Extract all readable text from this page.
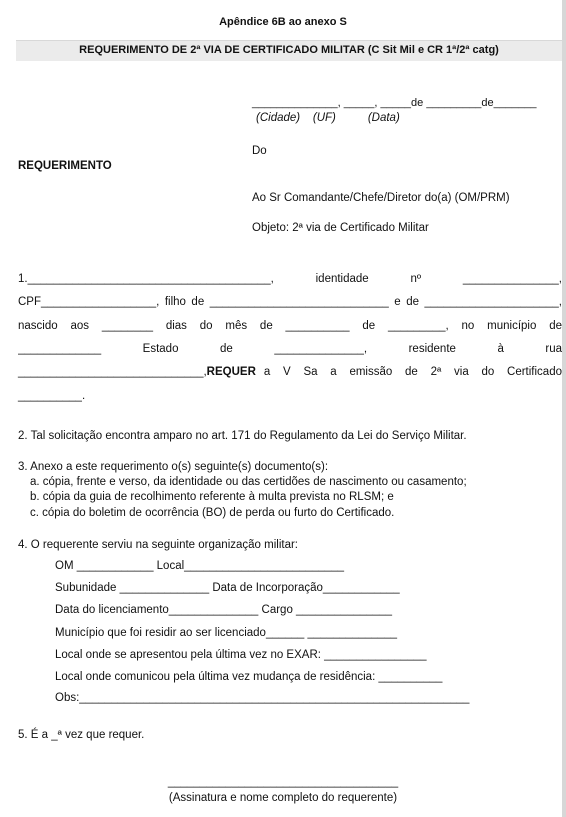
Apêndice 6B ao anexo S
REQUERIMENTO DE 2ª VIA DE CERTIFICADO MILITAR (C Sit Mil e CR 1ª/2ª catg)
______________, _____, _____de _________de_______
(Cidade)    (UF)          (Data)
Do
REQUERIMENTO
Ao Sr Comandante/Chefe/Diretor do(a) (OM/PRM)
Objeto: 2ª via de Certificado Militar
1.______________________________________, identidade nº _______________,
CPF__________________, filho de ____________________________ e de _____________________,
nascido aos ________ dias do mês de __________ de _________, no município de
_____________ Estado de ______________, residente à rua
_____________________________, REQUER a V Sa a emissão de 2ª via do Certificado
__________.
2. Tal solicitação encontra amparo no art. 171 do Regulamento da Lei do Serviço Militar.
3. Anexo a este requerimento o(s) seguinte(s) documento(s):
a. cópia, frente e verso, da identidade ou das certidões de nascimento ou casamento;
b. cópia da guia de recolhimento referente à multa prevista no RLSM; e
c. cópia do boletim de ocorrência (BO) de perda ou furto do Certificado.
4. O requerente serviu na seguinte organização militar:
OM ____________ Local_________________________
Subunidade ______________ Data de Incorporação____________
Data do licenciamento______________ Cargo _______________
Município que foi residir ao ser licenciado______ ______________
Local onde se apresentou pela última vez no EXAR: ________________
Local onde comunicou pela última vez mudança de residência: __________
Obs:_____________________________________________________________
5. É a _ª vez que requer.
____________________________________
(Assinatura e nome completo do requerente)
